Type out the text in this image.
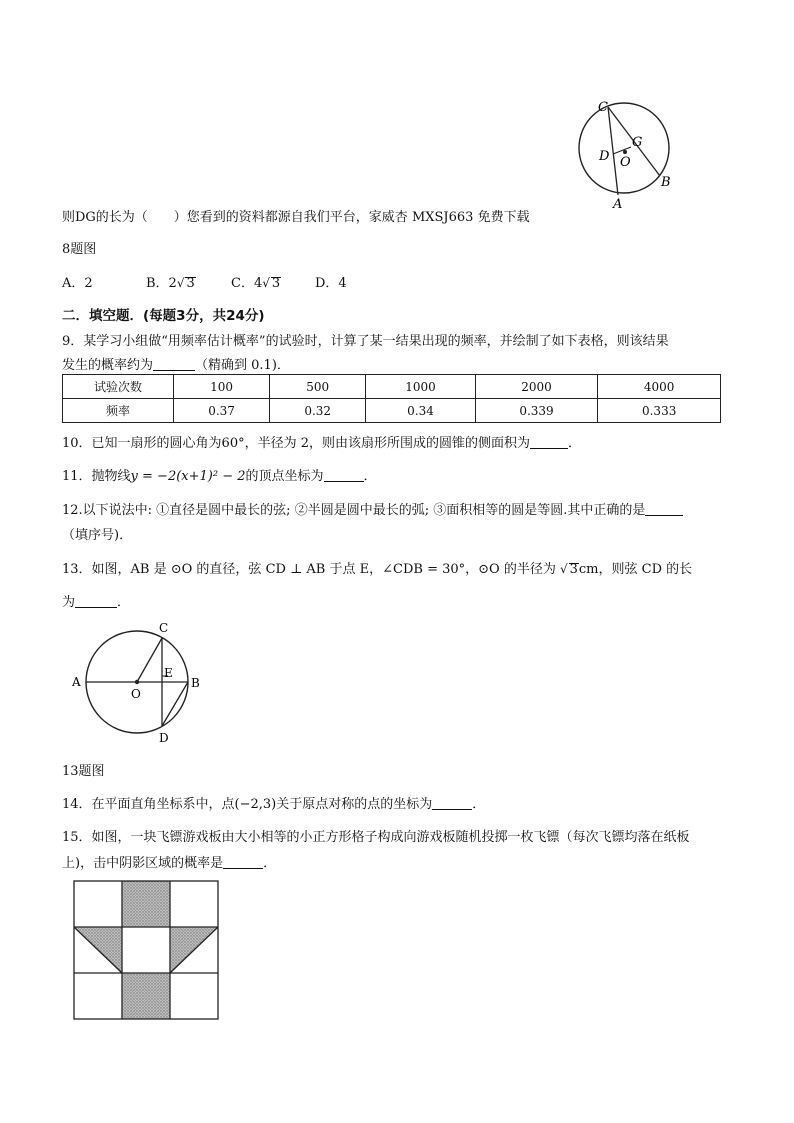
C
G
D O
B
A
则DG的长为（　　）您看到的资料都源自我们平台，家威杏 MXSJ663 免费下载
8题图
A．2	B．2√ 3	C．4√ 3	D．4
二．填空题．(每题3分，共24分)
9．某学习小组做“用频率估计概率”的试验时，计算了某一结果出现的频率，并绘制了如下表格，则该结果
发生的概率约为	（精确到 0.1)．
试验次数	100	500	1000	2000	4000
频率	0.37	0.32	0.34	0.339	0.333
10．已知一扇形的圆心角为60°，半径为 2，则由该扇形所围成的圆锥的侧面积为	．
11．抛物线y = −2(x+1)² − 2的顶点坐标为	．
12.以下说法中: ①直径是圆中最长的弦; ②半圆是圆中最长的弧; ③面积相等的圆是等圆.其中正确的是
（填序号)．
13．如图，AB 是 ⊙O 的直径，弦 CD ⊥ AB 于点 E，∠CDB = 30°，⊙O 的半径为 √ 3cm，则弦 CD 的长
为	．
A	B
C
D
E
O
13题图
14．在平面直角坐标系中，点(−2,3)关于原点对称的点的坐标为	．
15．如图，一块飞镖游戏板由大小相等的小正方形格子构成向游戏板随机投掷一枚飞镖（每次飞镖均落在纸板
上)，击中阴影区域的概率是	．
